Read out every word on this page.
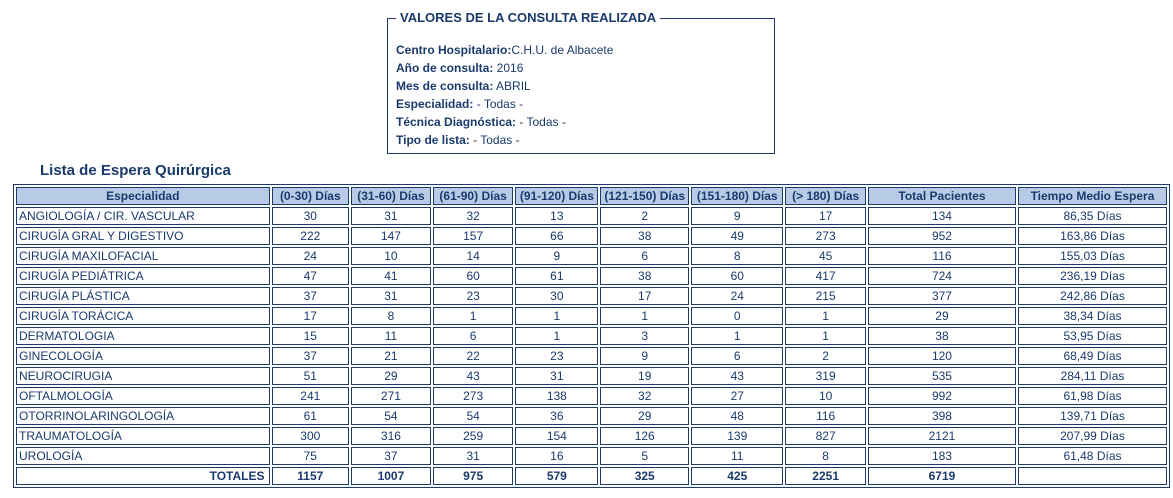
VALORES DE LA CONSULTA REALIZADA
Centro Hospitalario:C.H.U. de Albacete
Año de consulta: 2016
Mes de consulta: ABRIL
Especialidad: - Todas -
Técnica Diagnóstica: - Todas -
Tipo de lista: - Todas -
Lista de Espera Quirúrgica
Especialidad	(0-30) Días	(31-60) Días	(61-90) Días	(91-120) Días	(121-150) Días	(151-180) Días	(> 180) Días	Total Pacientes	Tiempo Medio Espera
ANGIOLOGÍA / CIR. VASCULAR	30	31	32	13	2	9	17	134	86,35 Días
CIRUGÍA GRAL Y DIGESTIVO	222	147	157	66	38	49	273	952	163,86 Días
CIRUGÍA MAXILOFACIAL	24	10	14	9	6	8	45	116	155,03 Días
CIRUGÍA PEDIÁTRICA	47	41	60	61	38	60	417	724	236,19 Días
CIRUGÍA PLÁSTICA	37	31	23	30	17	24	215	377	242,86 Días
CIRUGÍA TORÁCICA	17	8	1	1	1	0	1	29	38,34 Días
DERMATOLOGIA	15	11	6	1	3	1	1	38	53,95 Días
GINECOLOGÍA	37	21	22	23	9	6	2	120	68,49 Días
NEUROCIRUGIA	51	29	43	31	19	43	319	535	284,11 Días
OFTALMOLOGÍA	241	271	273	138	32	27	10	992	61,98 Días
OTORRINOLARINGOLOGÍA	61	54	54	36	29	48	116	398	139,71 Días
TRAUMATOLOGÍA	300	316	259	154	126	139	827	2121	207,99 Días
UROLOGÍA	75	37	31	16	5	11	8	183	61,48 Días
TOTALES	1157	1007	975	579	325	425	2251	6719	
